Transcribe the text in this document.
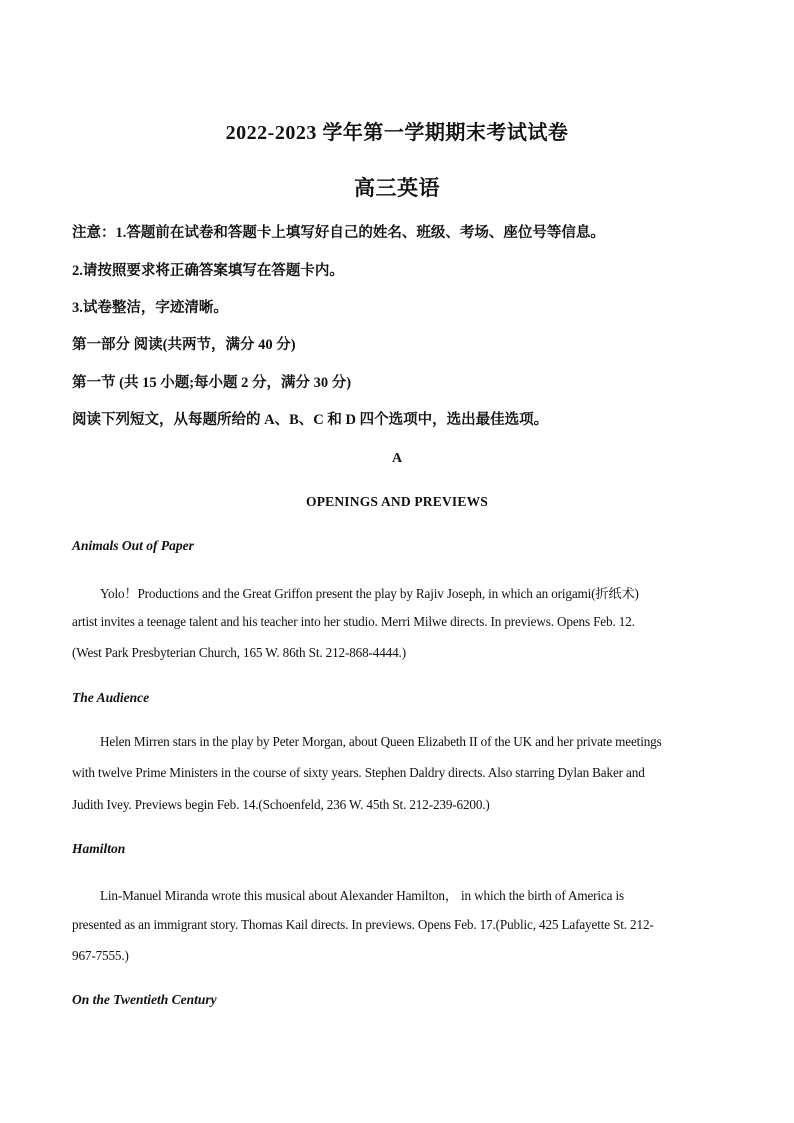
2022-2023 学年第一学期期末考试试卷
高三英语
注意：1.答题前在试卷和答题卡上填写好自己的姓名、班级、考场、座位号等信息。
2.请按照要求将正确答案填写在答题卡内。
3.试卷整洁，字迹清晰。
第一部分 阅读(共两节，满分 40 分)
第一节 (共 15 小题;每小题 2 分，满分 30 分)
阅读下列短文，从每题所给的 A、B、C 和 D 四个选项中，选出最佳选项。
A
OPENINGS AND PREVIEWS
Animals Out of Paper
Yolo！Productions and the Great Griffon present the play by Rajiv Joseph, in which an origami(折纸术)
artist invites a teenage talent and his teacher into her studio. Merri Milwe directs. In previews. Opens Feb. 12.
(West Park Presbyterian Church, 165 W. 86th St. 212-868-4444.)
The Audience
Helen Mirren stars in the play by Peter Morgan, about Queen Elizabeth II of the UK and her private meetings
with twelve Prime Ministers in the course of sixty years. Stephen Daldry directs. Also starring Dylan Baker and
Judith Ivey. Previews begin Feb. 14.(Schoenfeld, 236 W. 45th St. 212-239-6200.)
Hamilton
Lin-Manuel Miranda wrote this musical about Alexander Hamilton， in which the birth of America is
presented as an immigrant story. Thomas Kail directs. In previews. Opens Feb. 17.(Public, 425 Lafayette St. 212-
967-7555.)
On the Twentieth Century
